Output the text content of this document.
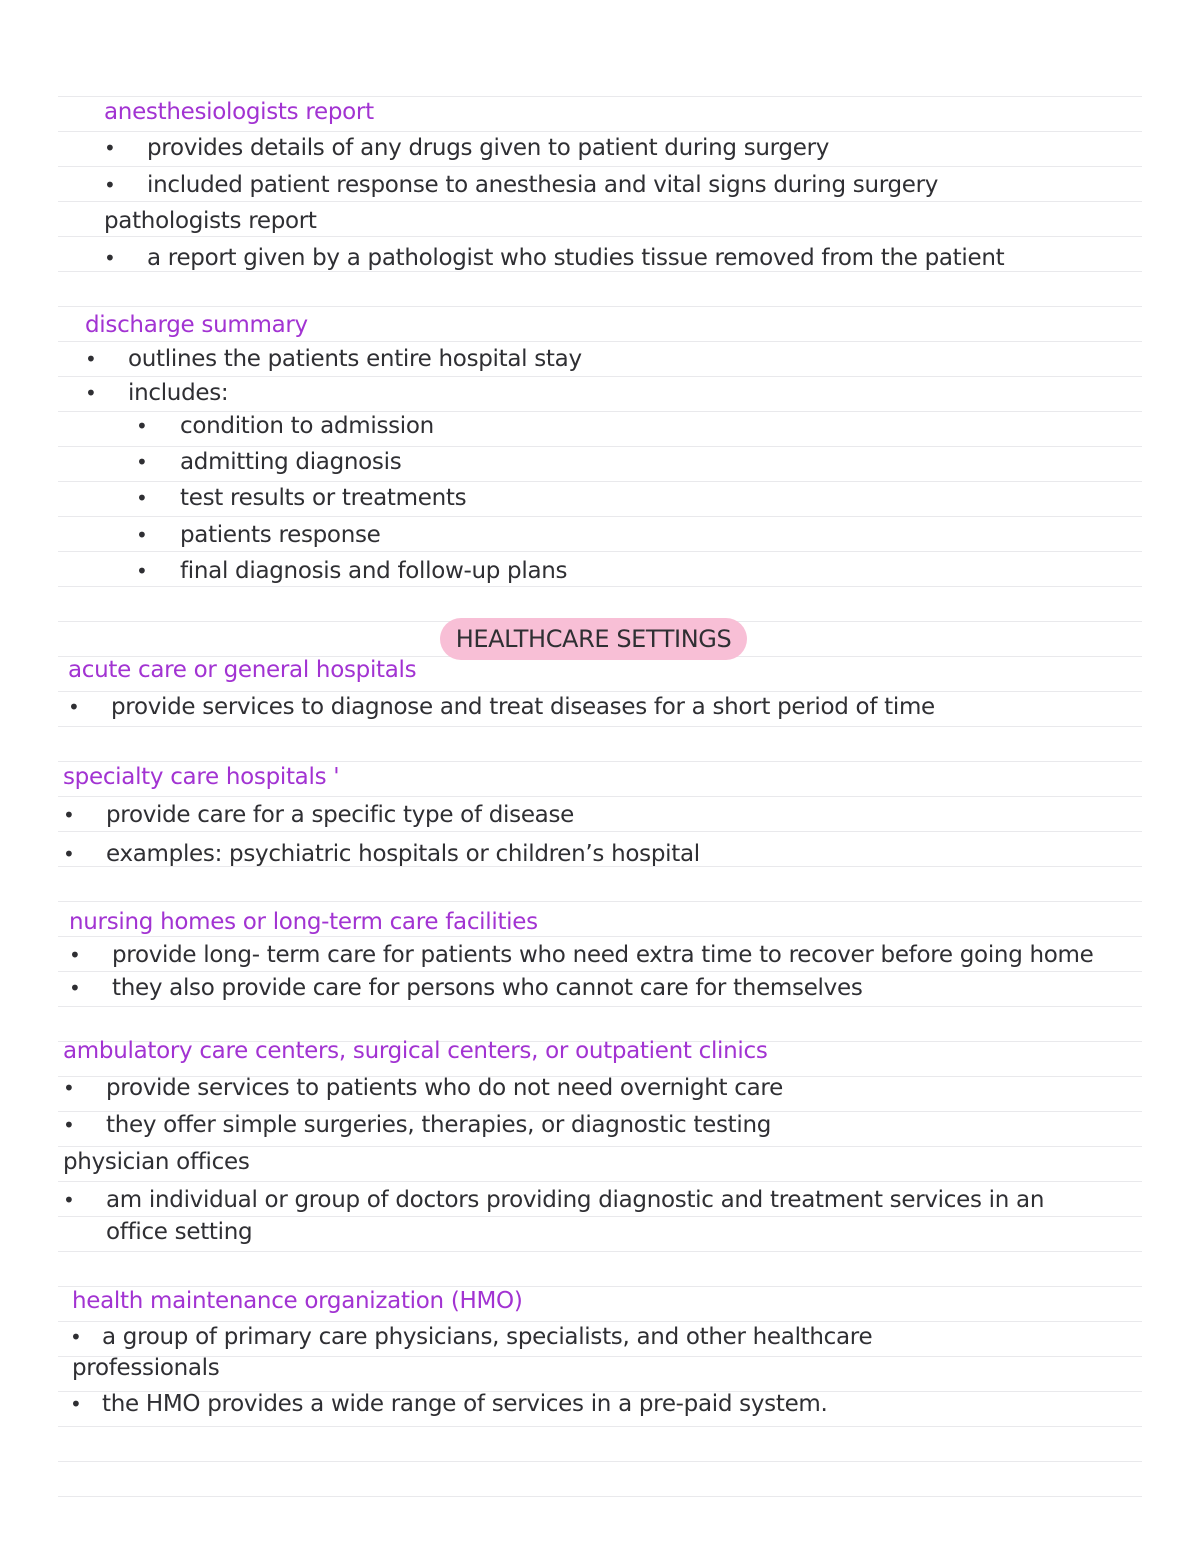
anesthesiologists report
• provides details of any drugs given to patient during surgery
• included patient response to anesthesia and vital signs during surgery
pathologists report
• a report given by a pathologist who studies tissue removed from the patient
discharge summary
• outlines the patients entire hospital stay
• includes:
• condition to admission
• admitting diagnosis
• test results or treatments
• patients response
• final diagnosis and follow-up plans
HEALTHCARE SETTINGS
acute care or general hospitals
• provide services to diagnose and treat diseases for a short period of time
specialty care hospitals '
• provide care for a specific type of disease
• examples: psychiatric hospitals or children’s hospital
nursing homes or long-term care facilities
• provide long- term care for patients who need extra time to recover before going home
• they also provide care for persons who cannot care for themselves
ambulatory care centers, surgical centers, or outpatient clinics
• provide services to patients who do not need overnight care
• they offer simple surgeries, therapies, or diagnostic testing
physician offices
• am individual or group of doctors providing diagnostic and treatment services in an
office setting
health maintenance organization (HMO)
• a group of primary care physicians, specialists, and other healthcare
professionals
• the HMO provides a wide range of services in a pre-paid system.
